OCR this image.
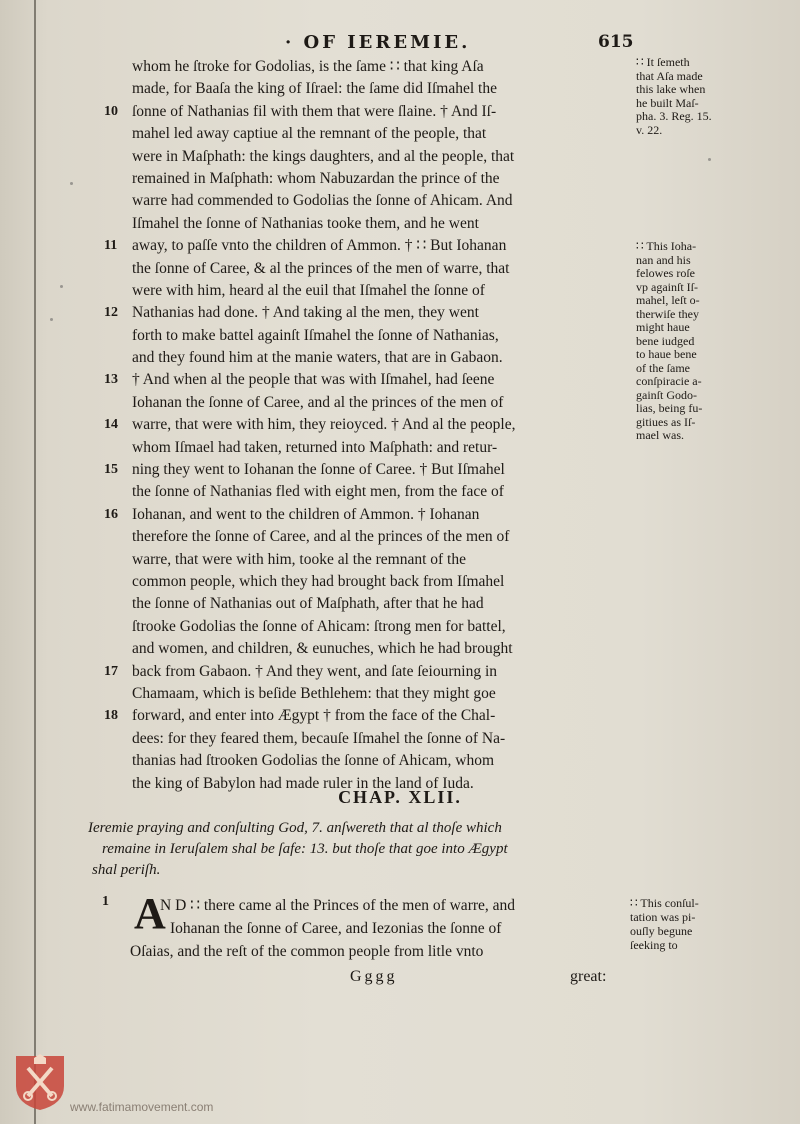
· OF IEREMIE.	615
whom he ſtroke for Godolias, is the ſame ∷ that king Aſa
made, for Baaſa the king of Iſrael: the ſame did Iſmahel the
10 ſonne of Nathanias fil with them that were ſlaine. † And Iſ-
mahel led away captiue al the remnant of the people, that
were in Maſphath: the kings daughters, and al the people, that
remained in Maſphath: whom Nabuzardan the prince of the
warre had commended to Godolias the ſonne of Ahicam. And
Iſmahel the ſonne of Nathanias tooke them, and he went
11 away, to paſſe vnto the children of Ammon. † ∷ But Iohanan
the ſonne of Caree, & al the princes of the men of warre, that
were with him, heard al the euil that Iſmahel the ſonne of
12 Nathanias had done. † And taking al the men, they went
forth to make battel againſt Iſmahel the ſonne of Nathanias,
and they found him at the manie waters, that are in Gabaon.
13 † And when al the people that was with Iſmahel, had ſeene
Iohanan the ſonne of Caree, and al the princes of the men of
14 warre, that were with him, they reioyced. † And al the people,
whom Iſmael had taken, returned into Maſphath: and retur-
15 ning they went to Iohanan the ſonne of Caree. † But Iſmahel
the ſonne of Nathanias fled with eight men, from the face of
16 Iohanan, and went to the children of Ammon. † Iohanan
therefore the ſonne of Caree, and al the princes of the men of
warre, that were with him, tooke al the remnant of the
common people, which they had brought back from Iſmahel
the ſonne of Nathanias out of Maſphath, after that he had
ſtrooke Godolias the ſonne of Ahicam: ſtrong men for battel,
and women, and children, & eunuches, which he had brought
17 back from Gabaon. † And they went, and ſate ſeiourning in
Chamaam, which is beſide Bethlehem: that they might goe
18 forward, and enter into Ægypt † from the face of the Chal-
dees: for they feared them, becauſe Iſmahel the ſonne of Na-
thanias had ſtrooken Godolias the ſonne of Ahicam, whom
the king of Babylon had made ruler in the land of Iuda.
∷ It ſemeth
that Aſa made
this lake when
he built Maſ-
pha. 3. Reg. 15.
v. 22.
∷ This Ioha-
nan and his
felowes roſe
vp againſt Iſ-
mahel, leſt o-
therwiſe they
might haue
bene iudged
to haue bene
of the ſame
conſpiracie a-
gainſt Godo-
lias, being fu-
gitiues as Iſ-
mael was.
CHAP. XLII.
Ieremie praying and conſulting God, 7. anſwereth that al thoſe which
remaine in Ieruſalem shal be ſafe: 13. but thoſe that goe into Ægypt
shal periſh.
1 A
N D ∷ there came al the Princes of the men of warre, and
Iohanan the ſonne of Caree, and Iezonias the ſonne of
Oſaias, and the reſt of the common people from litle vnto
∷ This conſul-
tation was pi-
ouſly begune
ſeeking to
Gggg	great:
www.fatimamovement.com
